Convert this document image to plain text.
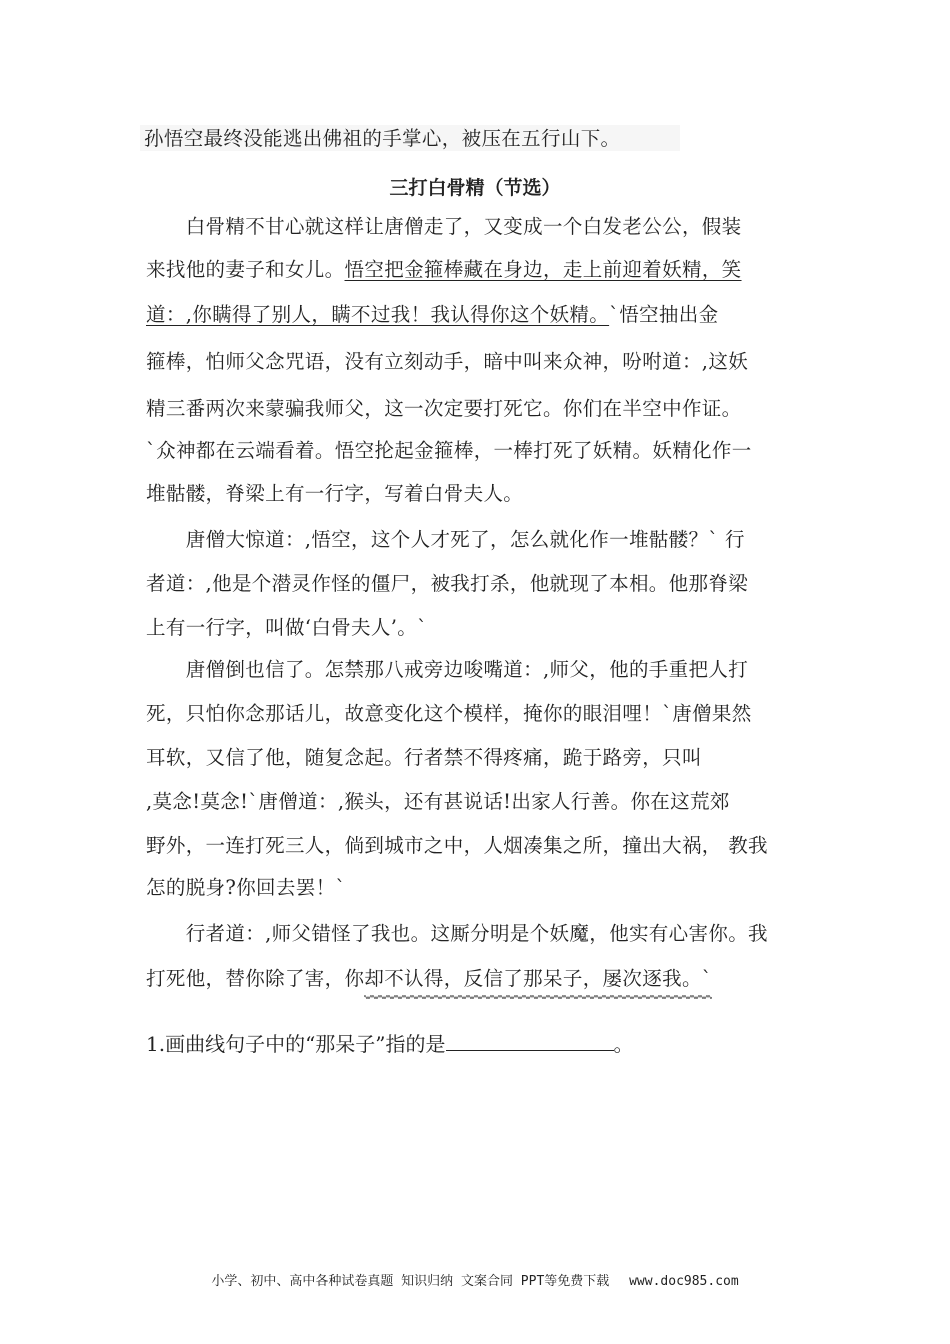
孙悟空最终没能逃出佛祖的手掌心，被压在五行山下。
三打白骨精（节选）
　　白骨精不甘心就这样让唐僧走了，又变成一个白发老公公，假装
来找他的妻子和女儿。悟空把金箍棒藏在身边，走上前迎着妖精，笑
道：,你瞒得了别人，瞒不过我！我认得你这个妖精。`悟空抽出金
箍棒，怕师父念咒语，没有立刻动手，暗中叫来众神，吩咐道：,这妖
精三番两次来蒙骗我师父，这一次定要打死它。你们在半空中作证。
`众神都在云端看着。悟空抡起金箍棒，一棒打死了妖精。妖精化作一
堆骷髅，脊梁上有一行字，写着白骨夫人。
　　唐僧大惊道：,悟空，这个人才死了，怎么就化作一堆骷髅？` 行
者道：,他是个潜灵作怪的僵尸，被我打杀，他就现了本相。他那脊梁
上有一行字，叫做‘白骨夫人’。`
　　唐僧倒也信了。怎禁那八戒旁边唆嘴道：,师父，他的手重把人打
死，只怕你念那话儿，故意变化这个模样，掩你的眼泪哩！`唐僧果然
耳软，又信了他，随复念起。行者禁不得疼痛，跪于路旁，只叫
,莫念!莫念!`唐僧道：,猴头，还有甚说话!出家人行善。你在这荒郊
野外，一连打死三人，倘到城市之中，人烟凑集之所，撞出大祸， 教我
怎的脱身?你回去罢！`
　　行者道：,师父错怪了我也。这厮分明是个妖魔，他实有心害你。我
打死他，替你除了害，你却不认得，反信了那呆子，屡次逐我。`
1.画曲线句子中的“那呆子”指的是	。
小学、初中、高中各种试卷真题 知识归纳 文案合同 PPT等免费下载 www.doc985.com
